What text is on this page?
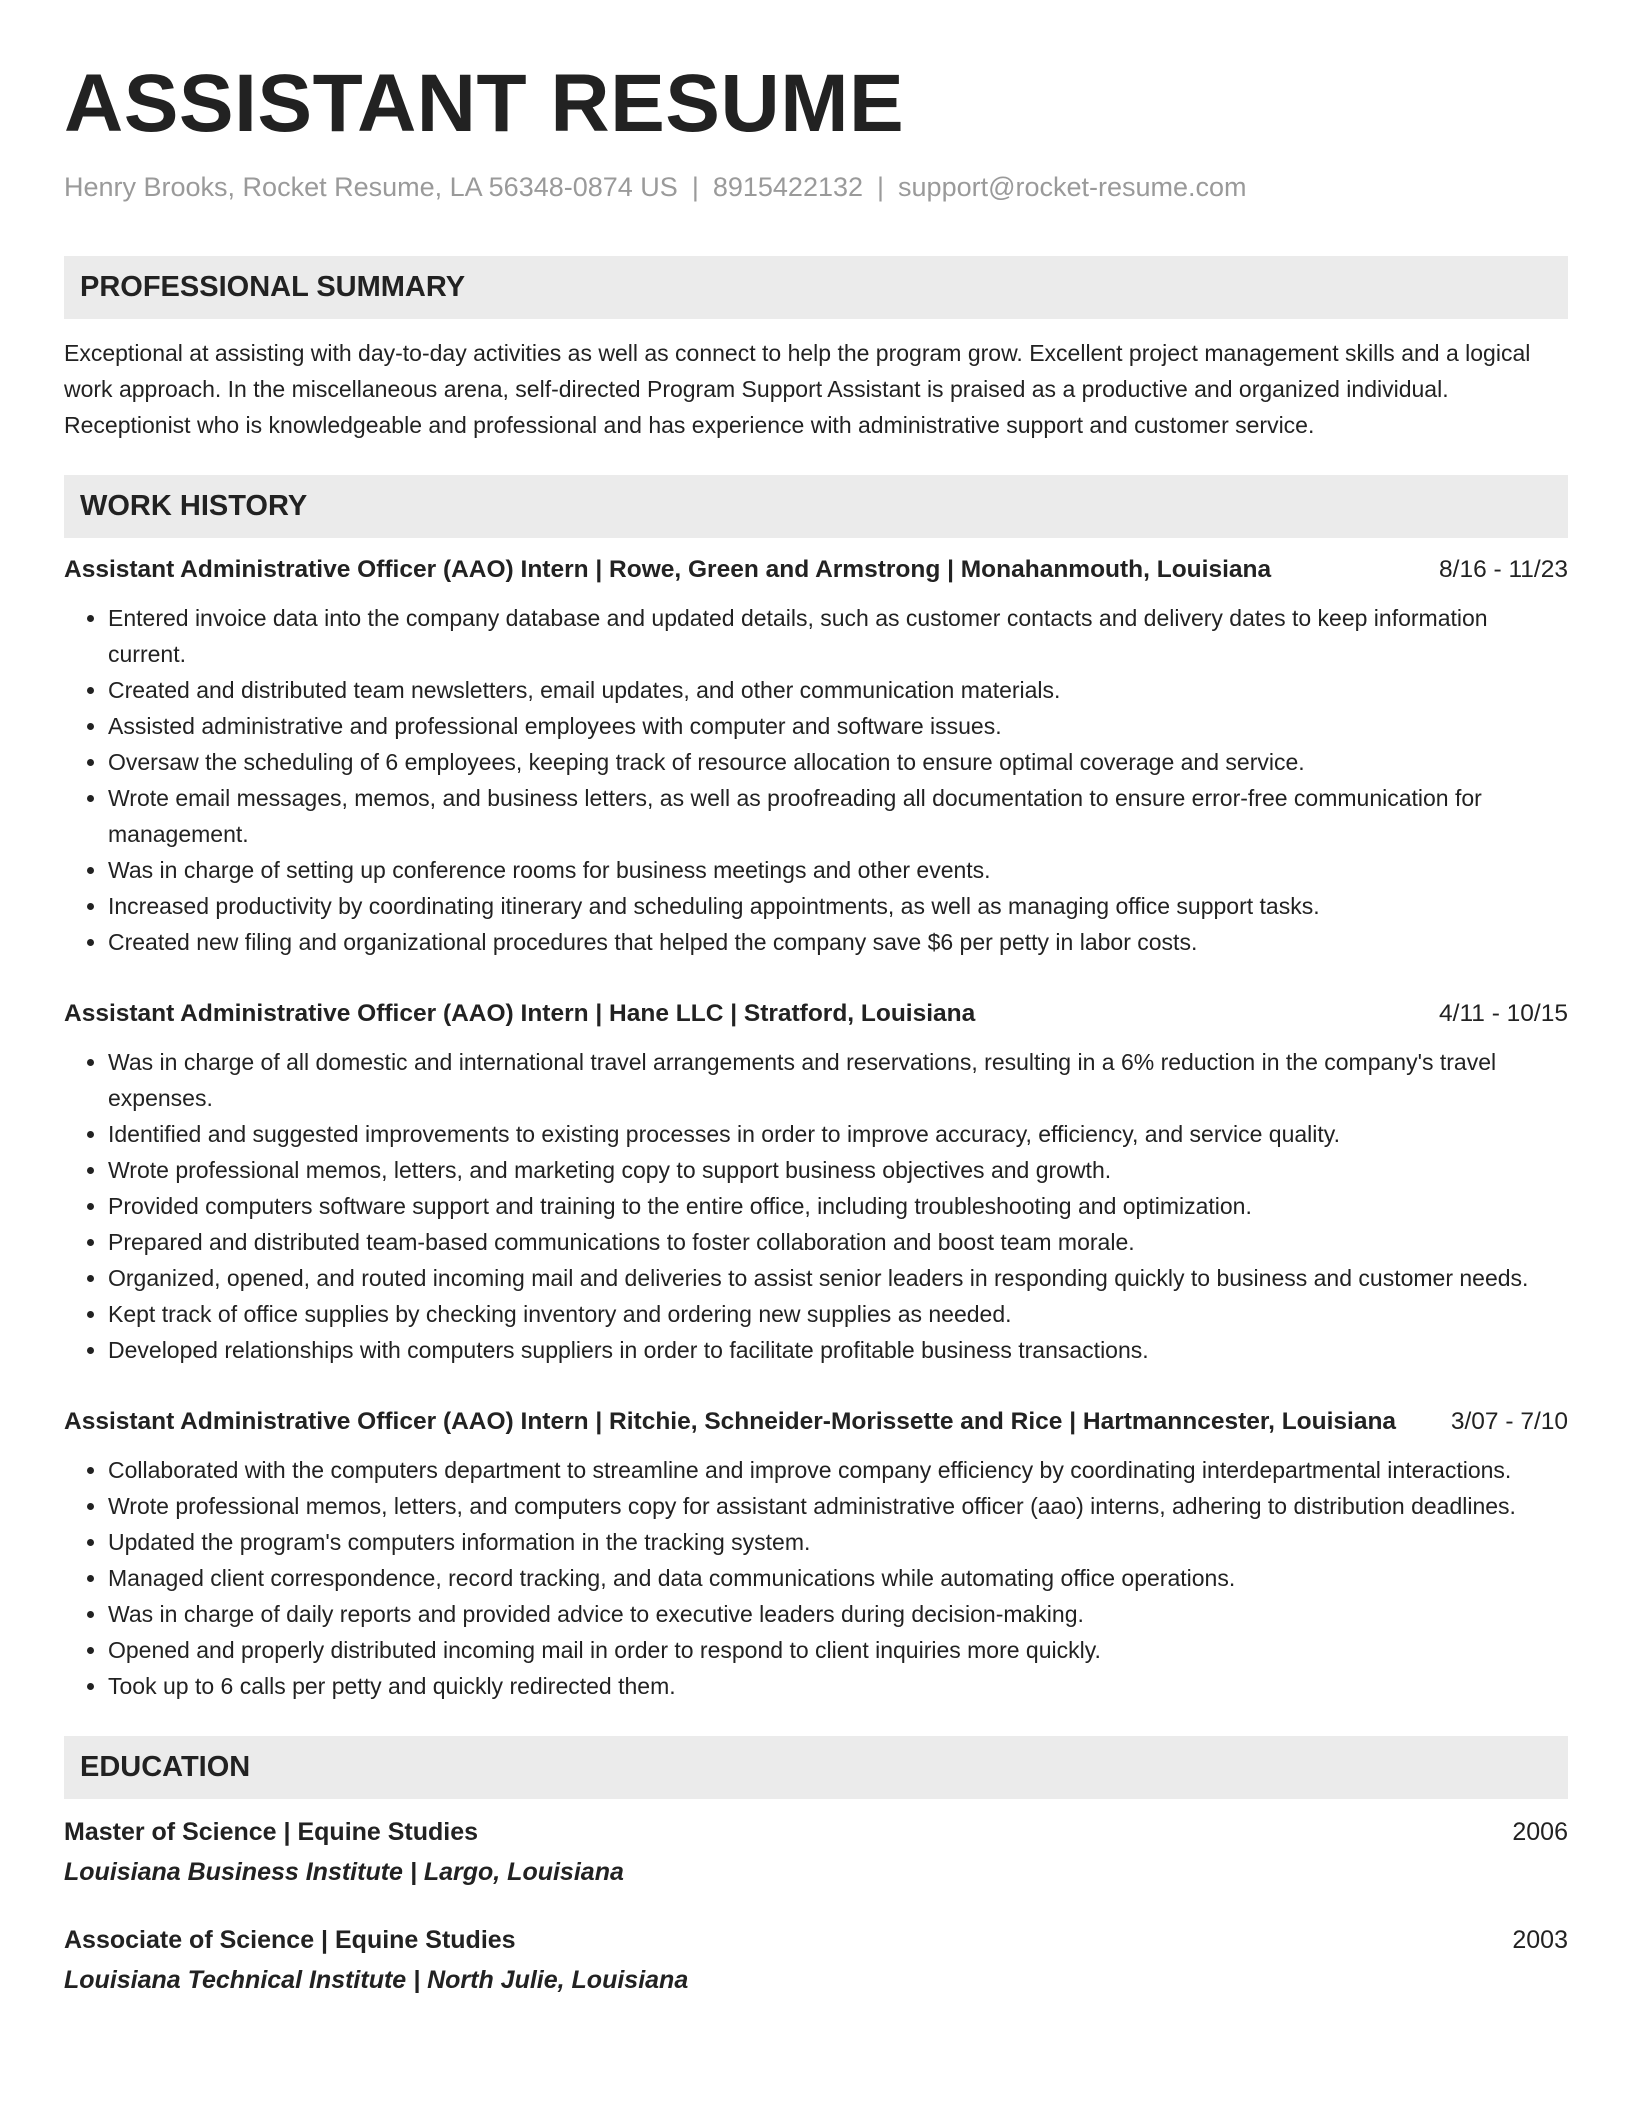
ASSISTANT RESUME
Henry Brooks, Rocket Resume, LA 56348-0874 US | 8915422132 | support@rocket-resume.com
PROFESSIONAL SUMMARY
Exceptional at assisting with day-to-day activities as well as connect to help the program grow. Excellent project management skills and a logical work approach. In the miscellaneous arena, self-directed Program Support Assistant is praised as a productive and organized individual. Receptionist who is knowledgeable and professional and has experience with administrative support and customer service.
WORK HISTORY
Assistant Administrative Officer (AAO) Intern | Rowe, Green and Armstrong | Monahanmouth, Louisiana	8/16 - 11/23
• Entered invoice data into the company database and updated details, such as customer contacts and delivery dates to keep information current.
• Created and distributed team newsletters, email updates, and other communication materials.
• Assisted administrative and professional employees with computer and software issues.
• Oversaw the scheduling of 6 employees, keeping track of resource allocation to ensure optimal coverage and service.
• Wrote email messages, memos, and business letters, as well as proofreading all documentation to ensure error-free communication for management.
• Was in charge of setting up conference rooms for business meetings and other events.
• Increased productivity by coordinating itinerary and scheduling appointments, as well as managing office support tasks.
• Created new filing and organizational procedures that helped the company save $6 per petty in labor costs.
Assistant Administrative Officer (AAO) Intern | Hane LLC | Stratford, Louisiana	4/11 - 10/15
• Was in charge of all domestic and international travel arrangements and reservations, resulting in a 6% reduction in the company's travel expenses.
• Identified and suggested improvements to existing processes in order to improve accuracy, efficiency, and service quality.
• Wrote professional memos, letters, and marketing copy to support business objectives and growth.
• Provided computers software support and training to the entire office, including troubleshooting and optimization.
• Prepared and distributed team-based communications to foster collaboration and boost team morale.
• Organized, opened, and routed incoming mail and deliveries to assist senior leaders in responding quickly to business and customer needs.
• Kept track of office supplies by checking inventory and ordering new supplies as needed.
• Developed relationships with computers suppliers in order to facilitate profitable business transactions.
Assistant Administrative Officer (AAO) Intern | Ritchie, Schneider-Morissette and Rice | Hartmanncester, Louisiana 3/07 - 7/10
• Collaborated with the computers department to streamline and improve company efficiency by coordinating interdepartmental interactions.
• Wrote professional memos, letters, and computers copy for assistant administrative officer (aao) interns, adhering to distribution deadlines.
• Updated the program's computers information in the tracking system.
• Managed client correspondence, record tracking, and data communications while automating office operations.
• Was in charge of daily reports and provided advice to executive leaders during decision-making.
• Opened and properly distributed incoming mail in order to respond to client inquiries more quickly.
• Took up to 6 calls per petty and quickly redirected them.
EDUCATION
Master of Science | Equine Studies	2006
Louisiana Business Institute | Largo, Louisiana
Associate of Science | Equine Studies	2003
Louisiana Technical Institute | North Julie, Louisiana
